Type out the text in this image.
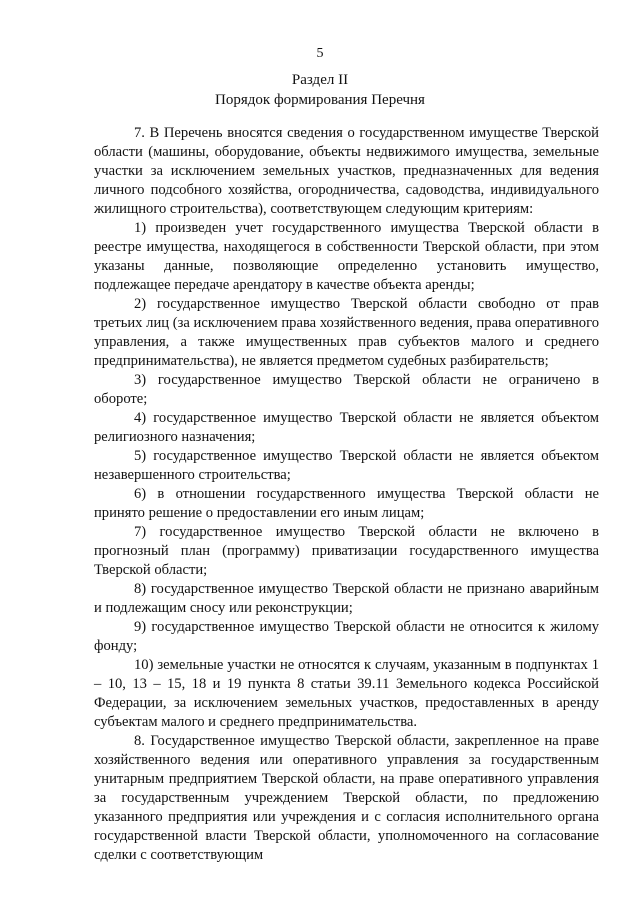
5
Раздел II
Порядок формирования Перечня

7. В Перечень вносятся сведения о государственном имуществе Тверской области (машины, оборудование, объекты недвижимого имущества, земельные участки за исключением земельных участков, предназначенных для ведения личного подсобного хозяйства, огородничества, садоводства, индивидуального жилищного строительства), соответствующем следующим критериям:

1) произведен учет государственного имущества Тверской области в реестре имущества, находящегося в собственности Тверской области, при этом указаны данные, позволяющие определенно установить имущество, подлежащее передаче арендатору в качестве объекта аренды;

2) государственное имущество Тверской области свободно от прав третьих лиц (за исключением права хозяйственного ведения, права оперативного управления, а также имущественных прав субъектов малого и среднего предпринимательства), не является предметом судебных разбирательств;

3) государственное имущество Тверской области не ограничено в обороте;

4) государственное имущество Тверской области не является объектом религиозного назначения;

5) государственное имущество Тверской области не является объектом незавершенного строительства;

6) в отношении государственного имущества Тверской области не принято решение о предоставлении его иным лицам;

7) государственное имущество Тверской области не включено в прогнозный план (программу) приватизации государственного имущества Тверской области;

8) государственное имущество Тверской области не признано аварийным и подлежащим сносу или реконструкции;

9) государственное имущество Тверской области не относится к жилому фонду;

10) земельные участки не относятся к случаям, указанным в подпунктах 1 – 10, 13 – 15, 18 и 19 пункта 8 статьи 39.11 Земельного кодекса Российской Федерации, за исключением земельных участков, предоставленных в аренду субъектам малого и среднего предпринимательства.

8. Государственное имущество Тверской области, закрепленное на праве хозяйственного ведения или оперативного управления за государственным унитарным предприятием Тверской области, на праве оперативного управления за государственным учреждением Тверской области, по предложению указанного предприятия или учреждения и с согласия исполнительного органа государственной власти Тверской области, уполномоченного на согласование сделки с соответствующим
